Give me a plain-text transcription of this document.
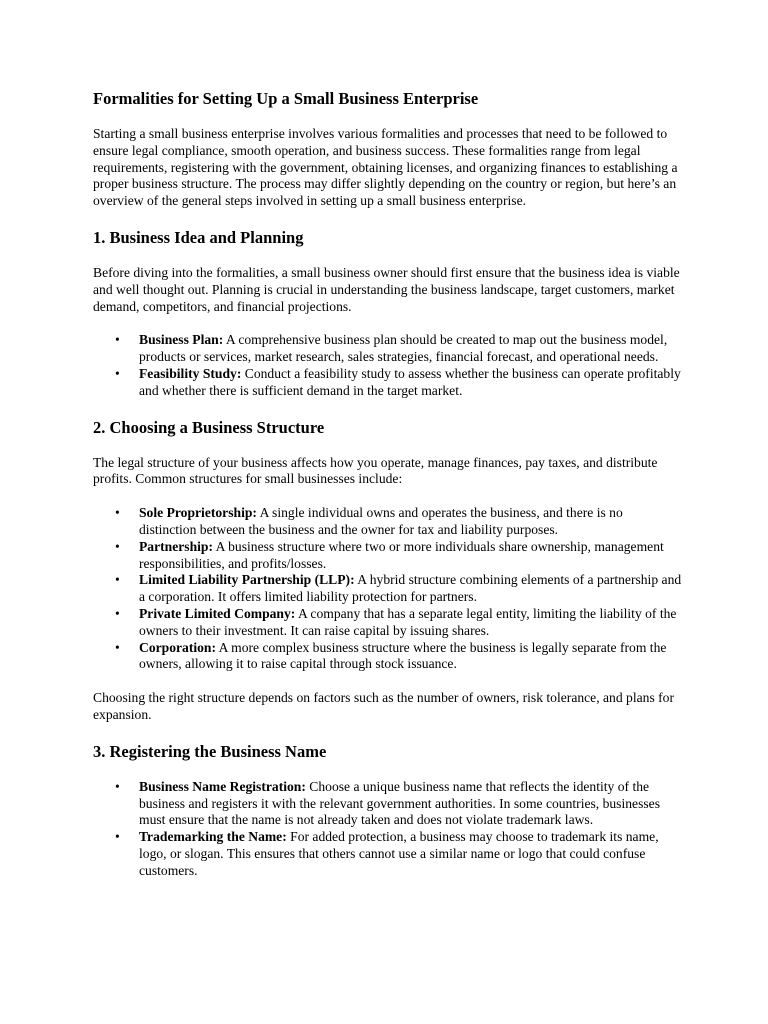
Formalities for Setting Up a Small Business Enterprise

Starting a small business enterprise involves various formalities and processes that need to be followed to ensure legal compliance, smooth operation, and business success. These formalities range from legal requirements, registering with the government, obtaining licenses, and organizing finances to establishing a proper business structure. The process may differ slightly depending on the country or region, but here’s an overview of the general steps involved in setting up a small business enterprise.

1. Business Idea and Planning

Before diving into the formalities, a small business owner should first ensure that the business idea is viable and well thought out. Planning is crucial in understanding the business landscape, target customers, market demand, competitors, and financial projections.

• Business Plan: A comprehensive business plan should be created to map out the business model, products or services, market research, sales strategies, financial forecast, and operational needs.
• Feasibility Study: Conduct a feasibility study to assess whether the business can operate profitably and whether there is sufficient demand in the target market.
2. Choosing a Business Structure

The legal structure of your business affects how you operate, manage finances, pay taxes, and distribute profits. Common structures for small businesses include:

• Sole Proprietorship: A single individual owns and operates the business, and there is no distinction between the business and the owner for tax and liability purposes.
• Partnership: A business structure where two or more individuals share ownership, management responsibilities, and profits/losses.
• Limited Liability Partnership (LLP): A hybrid structure combining elements of a partnership and a corporation. It offers limited liability protection for partners.
• Private Limited Company: A company that has a separate legal entity, limiting the liability of the owners to their investment. It can raise capital by issuing shares.
• Corporation: A more complex business structure where the business is legally separate from the owners, allowing it to raise capital through stock issuance.

Choosing the right structure depends on factors such as the number of owners, risk tolerance, and plans for expansion.

3. Registering the Business Name
• Business Name Registration: Choose a unique business name that reflects the identity of the business and registers it with the relevant government authorities. In some countries, businesses must ensure that the name is not already taken and does not violate trademark laws.
• Trademarking the Name: For added protection, a business may choose to trademark its name, logo, or slogan. This ensures that others cannot use a similar name or logo that could confuse customers.
